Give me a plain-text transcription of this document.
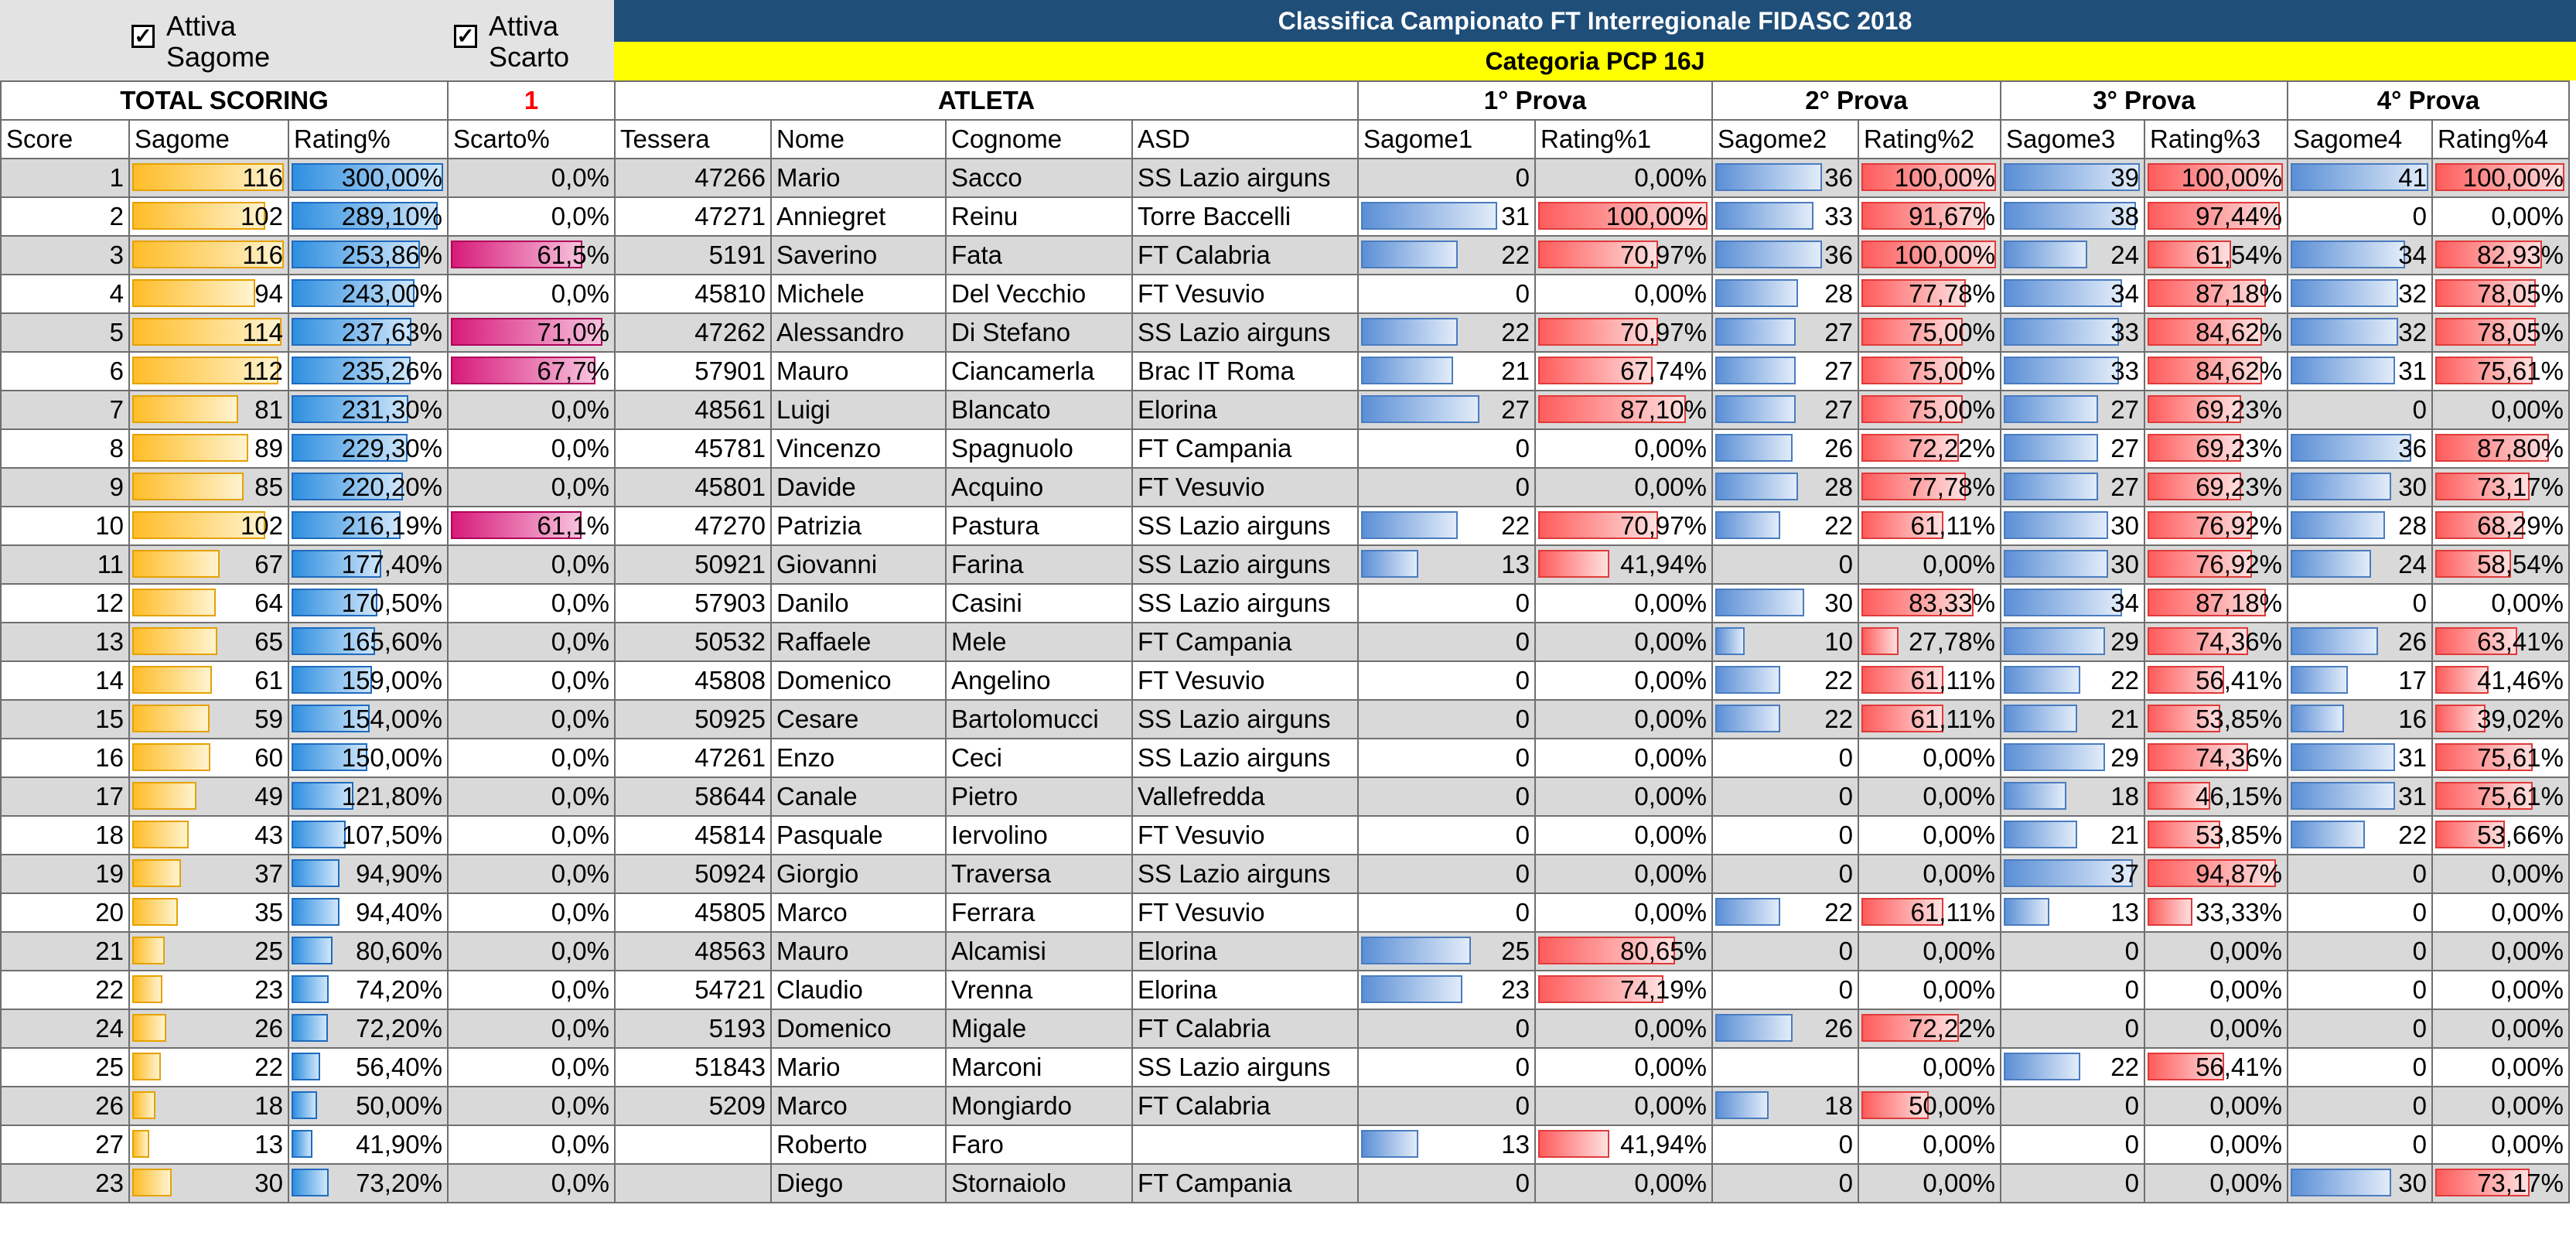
✓ Attiva Sagome
✓ Attiva Scarto
Classifica Campionato FT Interregionale FIDASC 2018
Categoria PCP 16J
TOTAL SCORING			1	ATLETA				1° Prova		2° Prova		3° Prova		4° Prova	
Score	Sagome	Rating%	Scarto%	Tessera	Nome	Cognome	ASD	Sagome1	Rating%1	Sagome2	Rating%2	Sagome3	Rating%3	Sagome4	Rating%4
1	116	300,00%	0,0%	47266	Mario	Sacco	SS Lazio airguns	0	0,00%	36	100,00%	39	100,00%	41	100,00%
2	102	289,10%	0,0%	47271	Anniegret	Reinu	Torre Baccelli	31	100,00%	33	91,67%	38	97,44%	0	0,00%
3	116	253,86%	61,5%	5191	Saverino	Fata	FT Calabria	22	70,97%	36	100,00%	24	61,54%	34	82,93%
4	94	243,00%	0,0%	45810	Michele	Del Vecchio	FT Vesuvio	0	0,00%	28	77,78%	34	87,18%	32	78,05%
5	114	237,63%	71,0%	47262	Alessandro	Di Stefano	SS Lazio airguns	22	70,97%	27	75,00%	33	84,62%	32	78,05%
6	112	235,26%	67,7%	57901	Mauro	Ciancamerla	Brac IT Roma	21	67,74%	27	75,00%	33	84,62%	31	75,61%
7	81	231,30%	0,0%	48561	Luigi	Blancato	Elorina	27	87,10%	27	75,00%	27	69,23%	0	0,00%
8	89	229,30%	0,0%	45781	Vincenzo	Spagnuolo	FT Campania	0	0,00%	26	72,22%	27	69,23%	36	87,80%
9	85	220,20%	0,0%	45801	Davide	Acquino	FT Vesuvio	0	0,00%	28	77,78%	27	69,23%	30	73,17%
10	102	216,19%	61,1%	47270	Patrizia	Pastura	SS Lazio airguns	22	70,97%	22	61,11%	30	76,92%	28	68,29%
11	67	177,40%	0,0%	50921	Giovanni	Farina	SS Lazio airguns	13	41,94%	0	0,00%	30	76,92%	24	58,54%
12	64	170,50%	0,0%	57903	Danilo	Casini	SS Lazio airguns	0	0,00%	30	83,33%	34	87,18%	0	0,00%
13	65	165,60%	0,0%	50532	Raffaele	Mele	FT Campania	0	0,00%	10	27,78%	29	74,36%	26	63,41%
14	61	159,00%	0,0%	45808	Domenico	Angelino	FT Vesuvio	0	0,00%	22	61,11%	22	56,41%	17	41,46%
15	59	154,00%	0,0%	50925	Cesare	Bartolomucci	SS Lazio airguns	0	0,00%	22	61,11%	21	53,85%	16	39,02%
16	60	150,00%	0,0%	47261	Enzo	Ceci	SS Lazio airguns	0	0,00%	0	0,00%	29	74,36%	31	75,61%
17	49	121,80%	0,0%	58644	Canale	Pietro	Vallefredda	0	0,00%	0	0,00%	18	46,15%	31	75,61%
18	43	107,50%	0,0%	45814	Pasquale	Iervolino	FT Vesuvio	0	0,00%	0	0,00%	21	53,85%	22	53,66%
19	37	94,90%	0,0%	50924	Giorgio	Traversa	SS Lazio airguns	0	0,00%	0	0,00%	37	94,87%	0	0,00%
20	35	94,40%	0,0%	45805	Marco	Ferrara	FT Vesuvio	0	0,00%	22	61,11%	13	33,33%	0	0,00%
21	25	80,60%	0,0%	48563	Mauro	Alcamisi	Elorina	25	80,65%	0	0,00%	0	0,00%	0	0,00%
22	23	74,20%	0,0%	54721	Claudio	Vrenna	Elorina	23	74,19%	0	0,00%	0	0,00%	0	0,00%
24	26	72,20%	0,0%	5193	Domenico	Migale	FT Calabria	0	0,00%	26	72,22%	0	0,00%	0	0,00%
25	22	56,40%	0,0%	51843	Mario	Marconi	SS Lazio airguns	0	0,00%		0,00%	22	56,41%	0	0,00%
26	18	50,00%	0,0%	5209	Marco	Mongiardo	FT Calabria	0	0,00%	18	50,00%	0	0,00%	0	0,00%
27	13	41,90%	0,0%		Roberto	Faro		13	41,94%	0	0,00%	0	0,00%	0	0,00%
23	30	73,20%	0,0%		Diego	Stornaiolo	FT Campania	0	0,00%	0	0,00%	0	0,00%	30	73,17%
